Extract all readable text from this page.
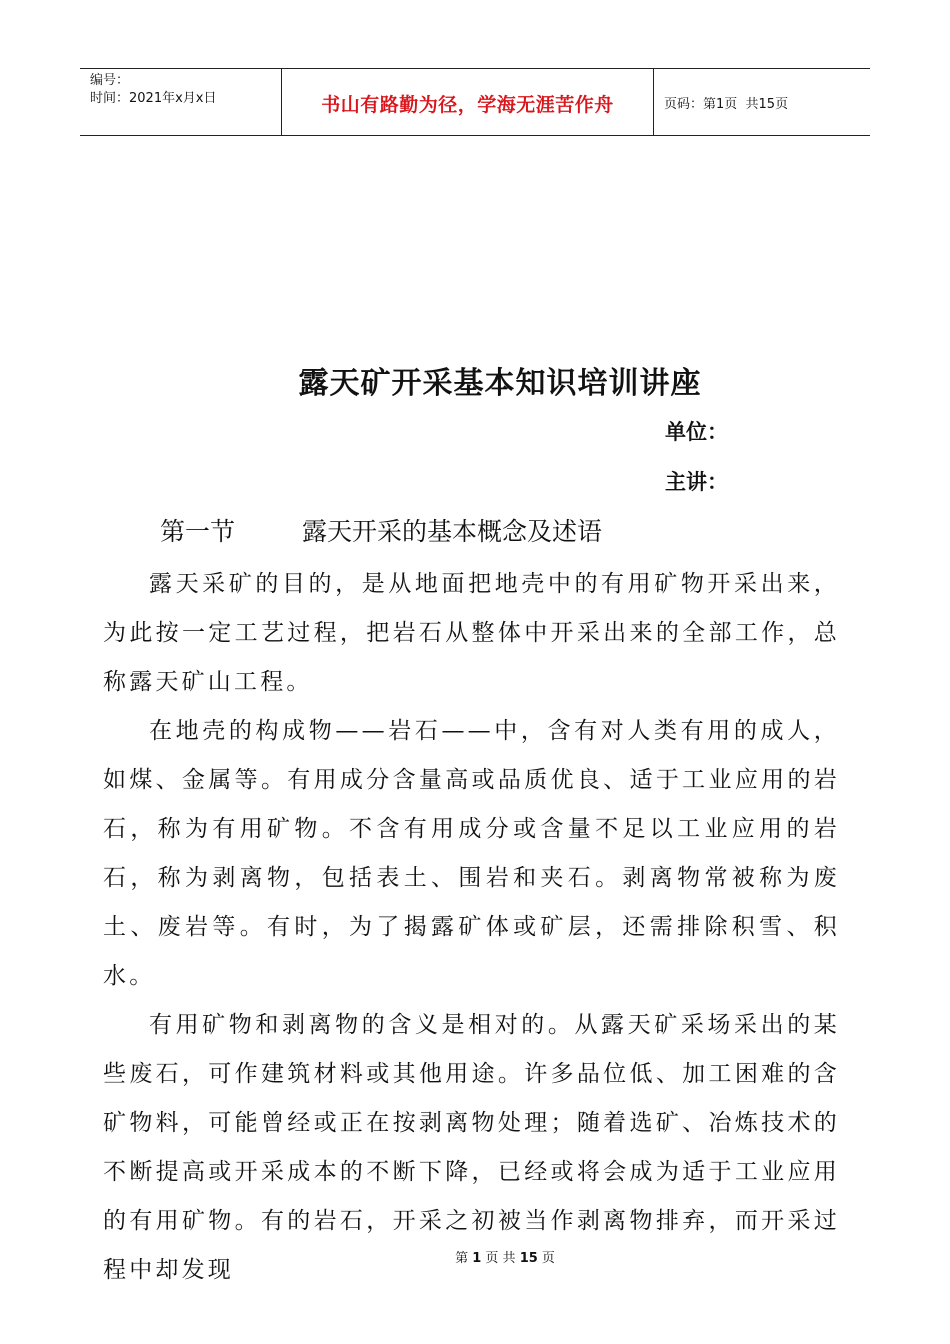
编号：
时间：2021年x月x日	书山有路勤为径，学海无涯苦作舟	页码：第1页  共15页
露天矿开采基本知识培训讲座
单位：
主讲：
第一节	露天开采的基本概念及述语

露天采矿的目的，是从地面把地壳中的有用矿物开采出来，为此按一定工艺过程，把岩石从整体中开采出来的全部工作，总称露天矿山工程。

在地壳的构成物——岩石——中，含有对人类有用的成人，如煤、金属等。有用成分含量高或品质优良、适于工业应用的岩石，称为有用矿物。不含有用成分或含量不足以工业应用的岩石，称为剥离物，包括表土、围岩和夹石。剥离物常被称为废土、废岩等。有时，为了揭露矿体或矿层，还需排除积雪、积水。

有用矿物和剥离物的含义是相对的。从露天矿采场采出的某些废石，可作建筑材料或其他用途。许多品位低、加工困难的含矿物料，可能曾经或正在按剥离物处理；随着选矿、冶炼技术的不断提高或开采成本的不断下降，已经或将会成为适于工业应用的有用矿物。有的岩石，开采之初被当作剥离物排弃，而开采过程中却发现	第 1 页 共 15 页
